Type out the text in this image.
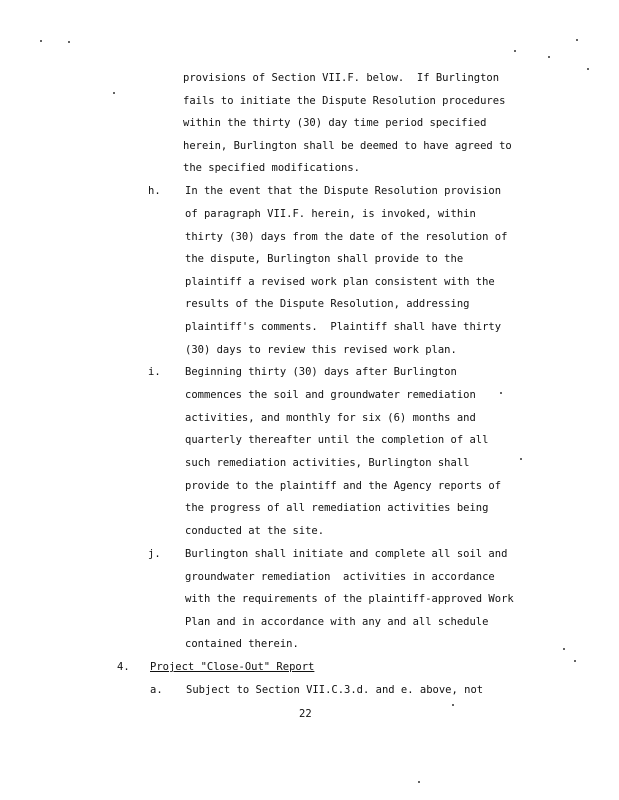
provisions of Section VII.F. below.  If Burlington
fails to initiate the Dispute Resolution procedures
within the thirty (30) day time period specified
herein, Burlington shall be deemed to have agreed to
the specified modifications.
h. In the event that the Dispute Resolution provision
of paragraph VII.F. herein, is invoked, within
thirty (30) days from the date of the resolution of
the dispute, Burlington shall provide to the
plaintiff a revised work plan consistent with the
results of the Dispute Resolution, addressing
plaintiff's comments.  Plaintiff shall have thirty
(30) days to review this revised work plan.
i. Beginning thirty (30) days after Burlington
commences the soil and groundwater remediation
activities, and monthly for six (6) months and
quarterly thereafter until the completion of all
such remediation activities, Burlington shall
provide to the plaintiff and the Agency reports of
the progress of all remediation activities being
conducted at the site.
j. Burlington shall initiate and complete all soil and
groundwater remediation  activities in accordance
with the requirements of the plaintiff-approved Work
Plan and in accordance with any and all schedule
contained therein.
4. Project "Close-Out" Report
a. Subject to Section VII.C.3.d. and e. above, not
22
